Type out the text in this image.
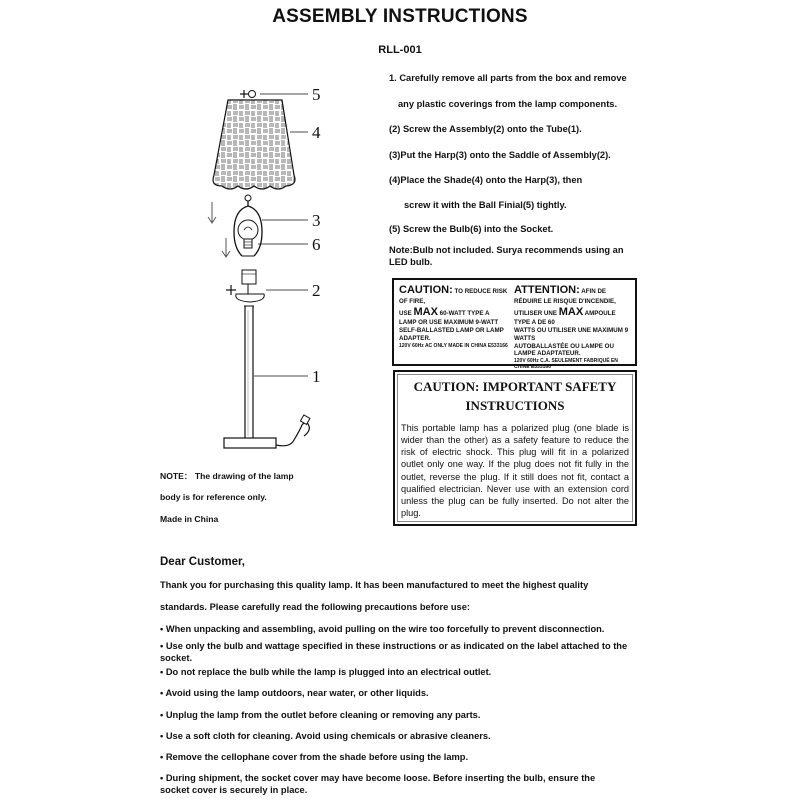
ASSEMBLY INSTRUCTIONS
RLL-001
5
4
3
6
2
1
1. Carefully remove all parts from the box and remove
any plastic coverings from the lamp components.
(2) Screw the Assembly(2) onto the Tube(1).
(3)Put the Harp(3) onto the Saddle of Assembly(2).
(4)Place the Shade(4) onto the Harp(3), then
screw it with the Ball Finial(5) tightly.
(5) Screw the Bulb(6) into the Socket.
Note:Bulb not included. Surya recommends using an
LED bulb.
CAUTION: TO REDUCE RISK OF FIRE,
USE MAX 60-WATT TYPE A
LAMP OR USE MAXIMUM 9-WATT
SELF-BALLASTED LAMP OR LAMP ADAPTER.
120V 60Hz AC ONLY MADE IN CHINA E533166
ATTENTION: AFIN DE RÉDUIRE LE RISQUE D'INCENDIE,
UTILISER UNE MAX AMPOULE TYPE A DE 60
WATTS OU UTILISER UNE MAXIMUM 9 WATTS
AUTOBALLASTÉE OU LAMPE OU LAMPE ADAPTATEUR.
120V 60Hz C.A. SEULEMENT FABRIQUÉ EN CHINE E533166
CAUTION: IMPORTANT SAFETY
INSTRUCTIONS
This portable lamp has a polarized plug (one blade is wider than the other) as a safety feature to reduce the risk of electric shock. This plug will fit in a polarized outlet only one way. If the plug does not fit fully in the outlet, reverse the plug. If it still does not fit, contact a qualified electrician. Never use with an extension cord unless the plug can be fully inserted. Do not alter the plug.
NOTE： The drawing of the lamp
body is for reference only.
Made in China
Dear Customer,
Thank you for purchasing this quality lamp. It has been manufactured to meet the highest quality
standards. Please carefully read the following precautions before use:
• When unpacking and assembling, avoid pulling on the wire too forcefully to prevent disconnection.
• Use only the bulb and wattage specified in these instructions or as indicated on the label attached to the
socket.
• Do not replace the bulb while the lamp is plugged into an electrical outlet.
• Avoid using the lamp outdoors, near water, or other liquids.
• Unplug the lamp from the outlet before cleaning or removing any parts.
• Use a soft cloth for cleaning. Avoid using chemicals or abrasive cleaners.
• Remove the cellophane cover from the shade before using the lamp.
• During shipment, the socket cover may have become loose. Before inserting the bulb, ensure the
socket cover is securely in place.
